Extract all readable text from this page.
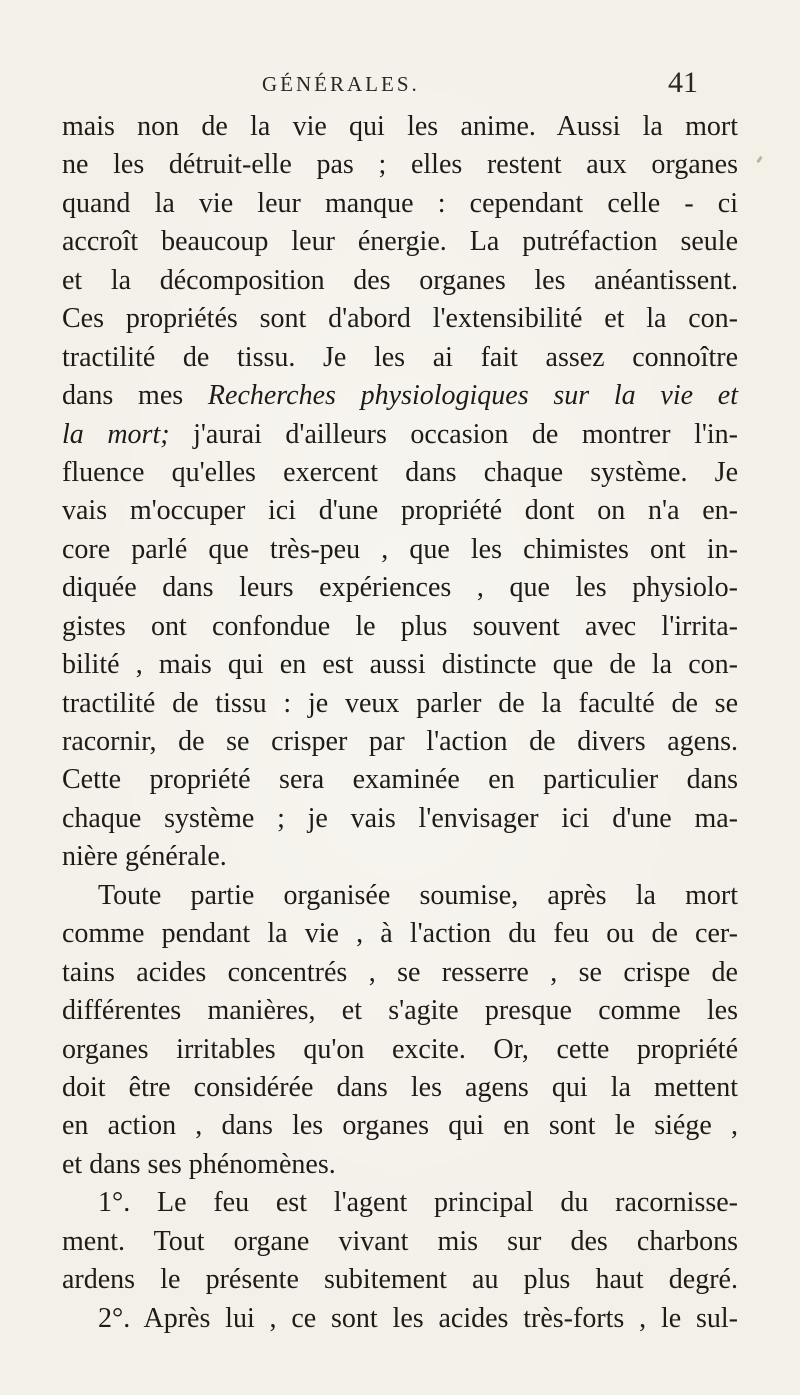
GÉNÉRALES.	41
mais non de la vie qui les anime. Aussi la mort
ne les détruit-elle pas ; elles restent aux organes
quand la vie leur manque : cependant celle - ci
accroît beaucoup leur énergie. La putréfaction seule
et la décomposition des organes les anéantissent.
Ces propriétés sont d'abord l'extensibilité et la con-
tractilité de tissu. Je les ai fait assez connoître
dans mes Recherches physiologiques sur la vie et
la mort; j'aurai d'ailleurs occasion de montrer l'in-
fluence qu'elles exercent dans chaque système. Je
vais m'occuper ici d'une propriété dont on n'a en-
core parlé que très-peu , que les chimistes ont in-
diquée dans leurs expériences , que les physiolo-
gistes ont confondue le plus souvent avec l'irrita-
bilité , mais qui en est aussi distincte que de la con-
tractilité de tissu : je veux parler de la faculté de se
racornir, de se crisper par l'action de divers agens.
Cette propriété sera examinée en particulier dans
chaque système ; je vais l'envisager ici d'une ma-
nière générale.
Toute partie organisée soumise, après la mort
comme pendant la vie , à l'action du feu ou de cer-
tains acides concentrés , se resserre , se crispe de
différentes manières, et s'agite presque comme les
organes irritables qu'on excite. Or, cette propriété
doit être considérée dans les agens qui la mettent
en action , dans les organes qui en sont le siége ,
et dans ses phénomènes.
1°. Le feu est l'agent principal du racornisse-
ment. Tout organe vivant mis sur des charbons
ardens le présente subitement au plus haut degré.
2°. Après lui , ce sont les acides très-forts , le sul-
